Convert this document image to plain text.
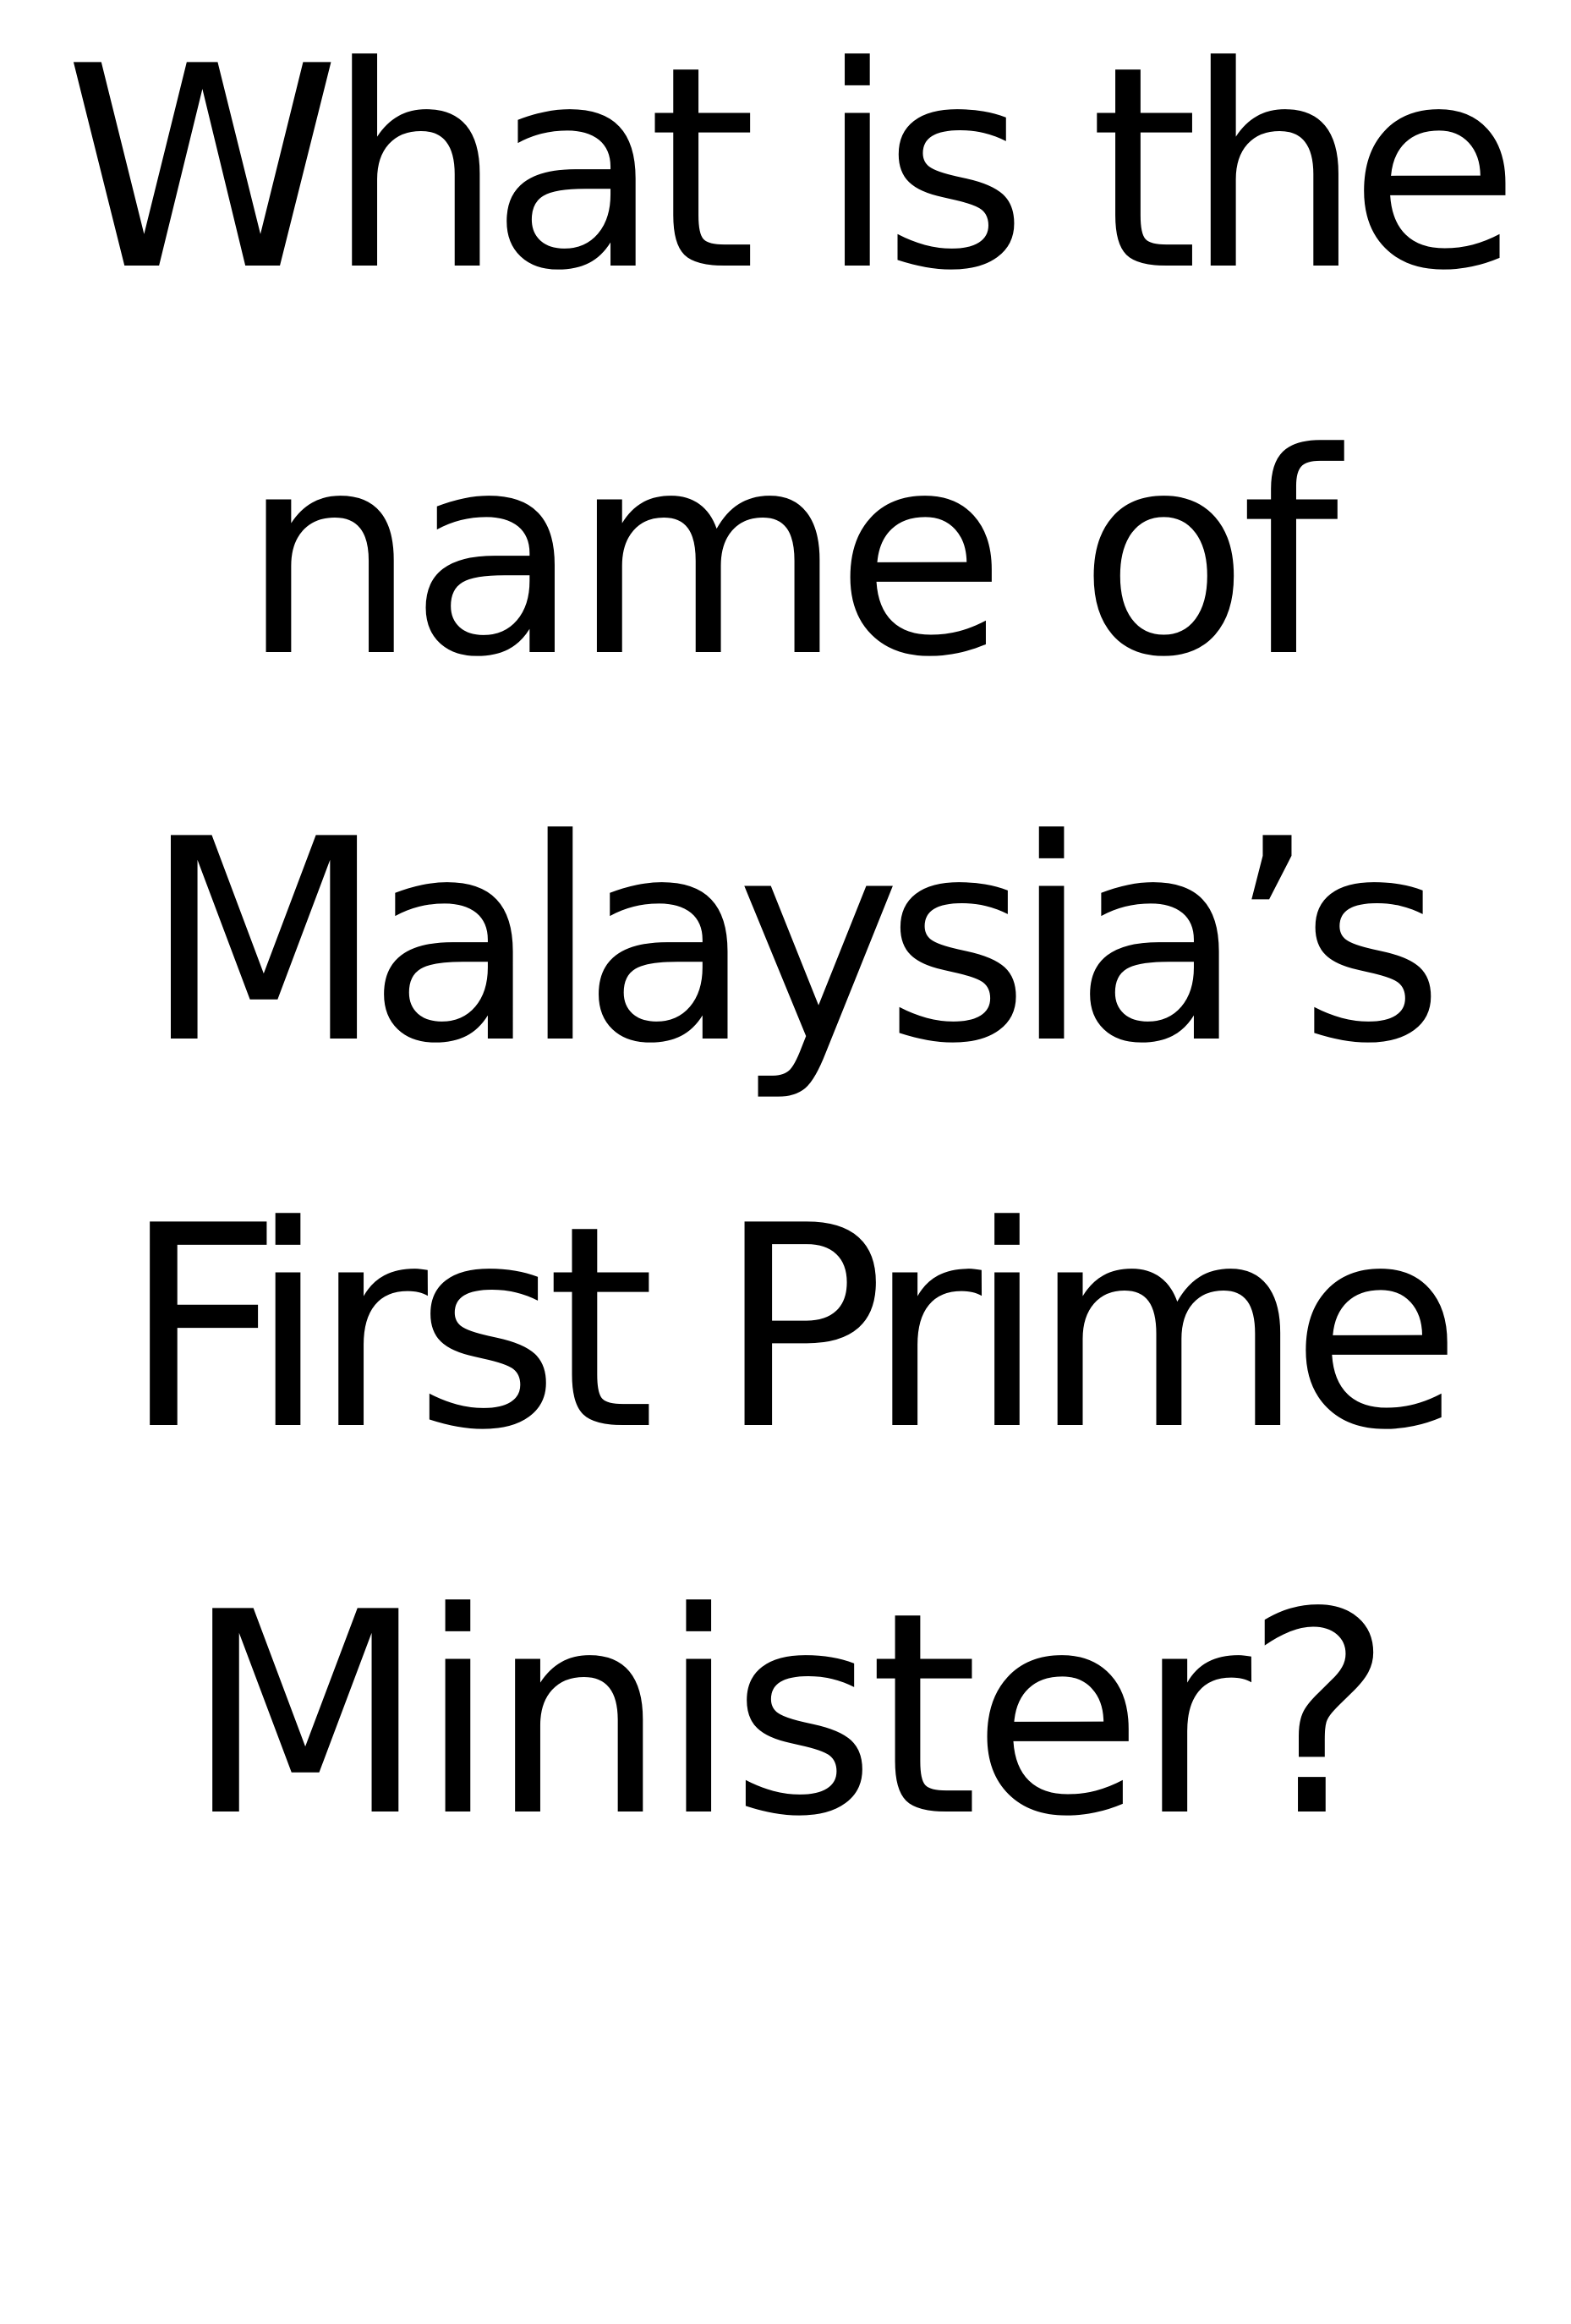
What is the
name of
Malaysia’s
First Prime
Minister?
